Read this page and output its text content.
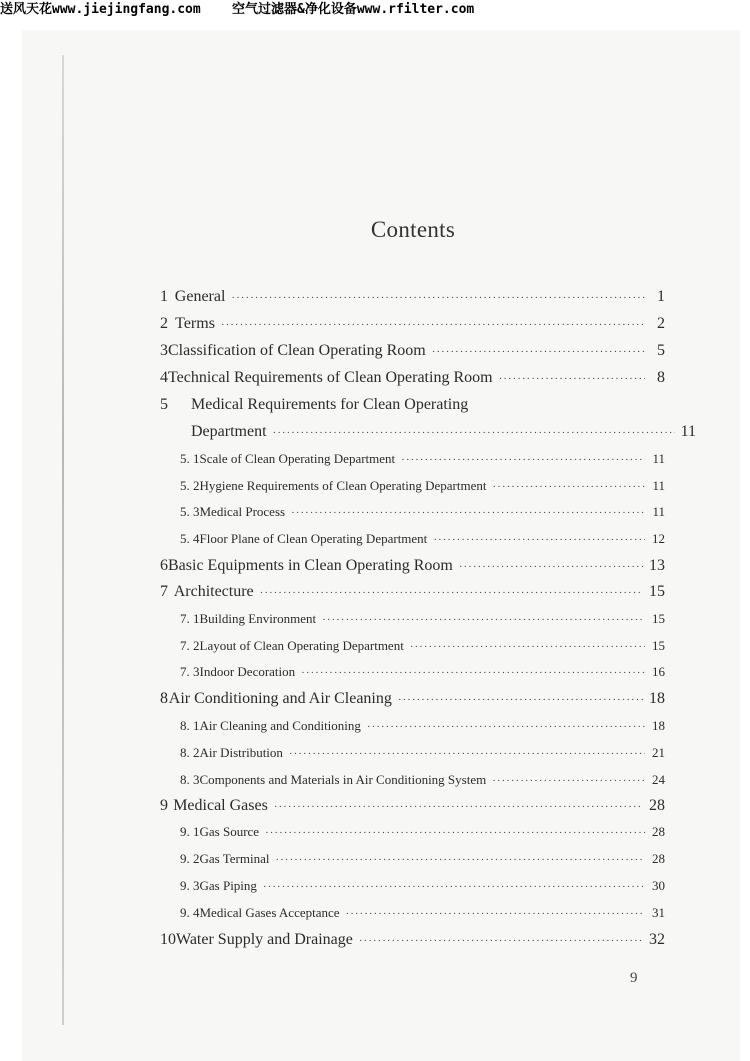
送风天花www.jiejingfang.com    空气过滤器&净化设备www.rfilter.com
Contents
1 General ·····	1
2 Terms ·····	2
3 Classification of Clean Operating Room ·····	5
4 Technical Requirements of Clean Operating Room ·····	8
5	Medical Requirements for Clean Operating
Department ·····	11
5. 1 Scale of Clean Operating Department ·····	11
5. 2 Hygiene Requirements of Clean Operating Department ·····	11
5. 3 Medical Process ·····	11
5. 4 Floor Plane of Clean Operating Department ·····	12
6 Basic Equipments in Clean Operating Room ·····	13
7 Architecture ·····	15
7. 1 Building Environment ·····	15
7. 2 Layout of Clean Operating Department ·····	15
7. 3 Indoor Decoration ·····	16
8 Air Conditioning and Air Cleaning ·····	18
8. 1 Air Cleaning and Conditioning ·····	18
8. 2 Air Distribution ·····	21
8. 3 Components and Materials in Air Conditioning System ·····	24
9 Medical Gases ·····	28
9. 1 Gas Source ·····	28
9. 2 Gas Terminal ·····	28
9. 3 Gas Piping ·····	30
9. 4 Medical Gases Acceptance ·····	31
10 Water Supply and Drainage ·····	32
9
